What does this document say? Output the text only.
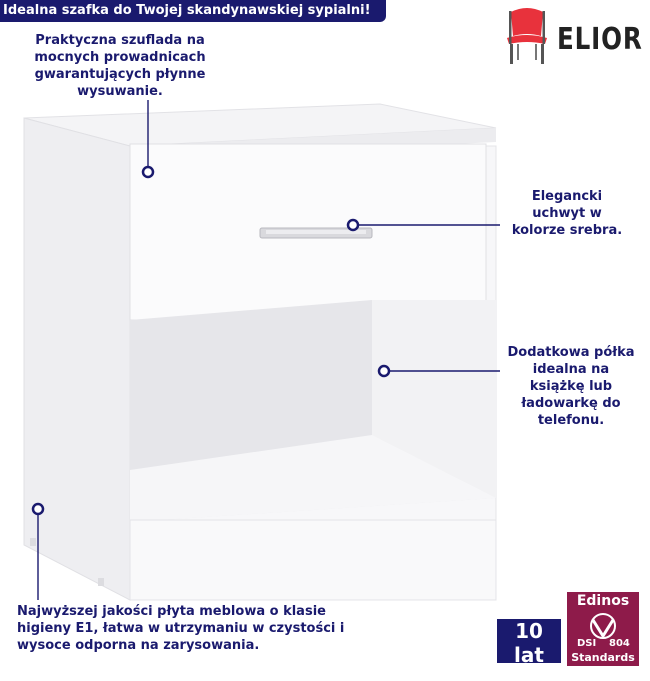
Idealna szafka do Twojej skandynawskiej sypialni!
ELIOR
Praktyczna szuflada na
mocnych prowadnicach
gwarantujących płynne
wysuwanie.
Elegancki
uchwyt w
kolorze srebra.
Dodatkowa półka
idealna na
książkę lub
ładowarkę do
telefonu.
Najwyższej jakości płyta meblowa o klasie
higieny E1, łatwa w utrzymaniu w czystości i
wysoce odporna na zarysowania.
10 lat
Gwarancji
Edinos
DSI 804
Standards
